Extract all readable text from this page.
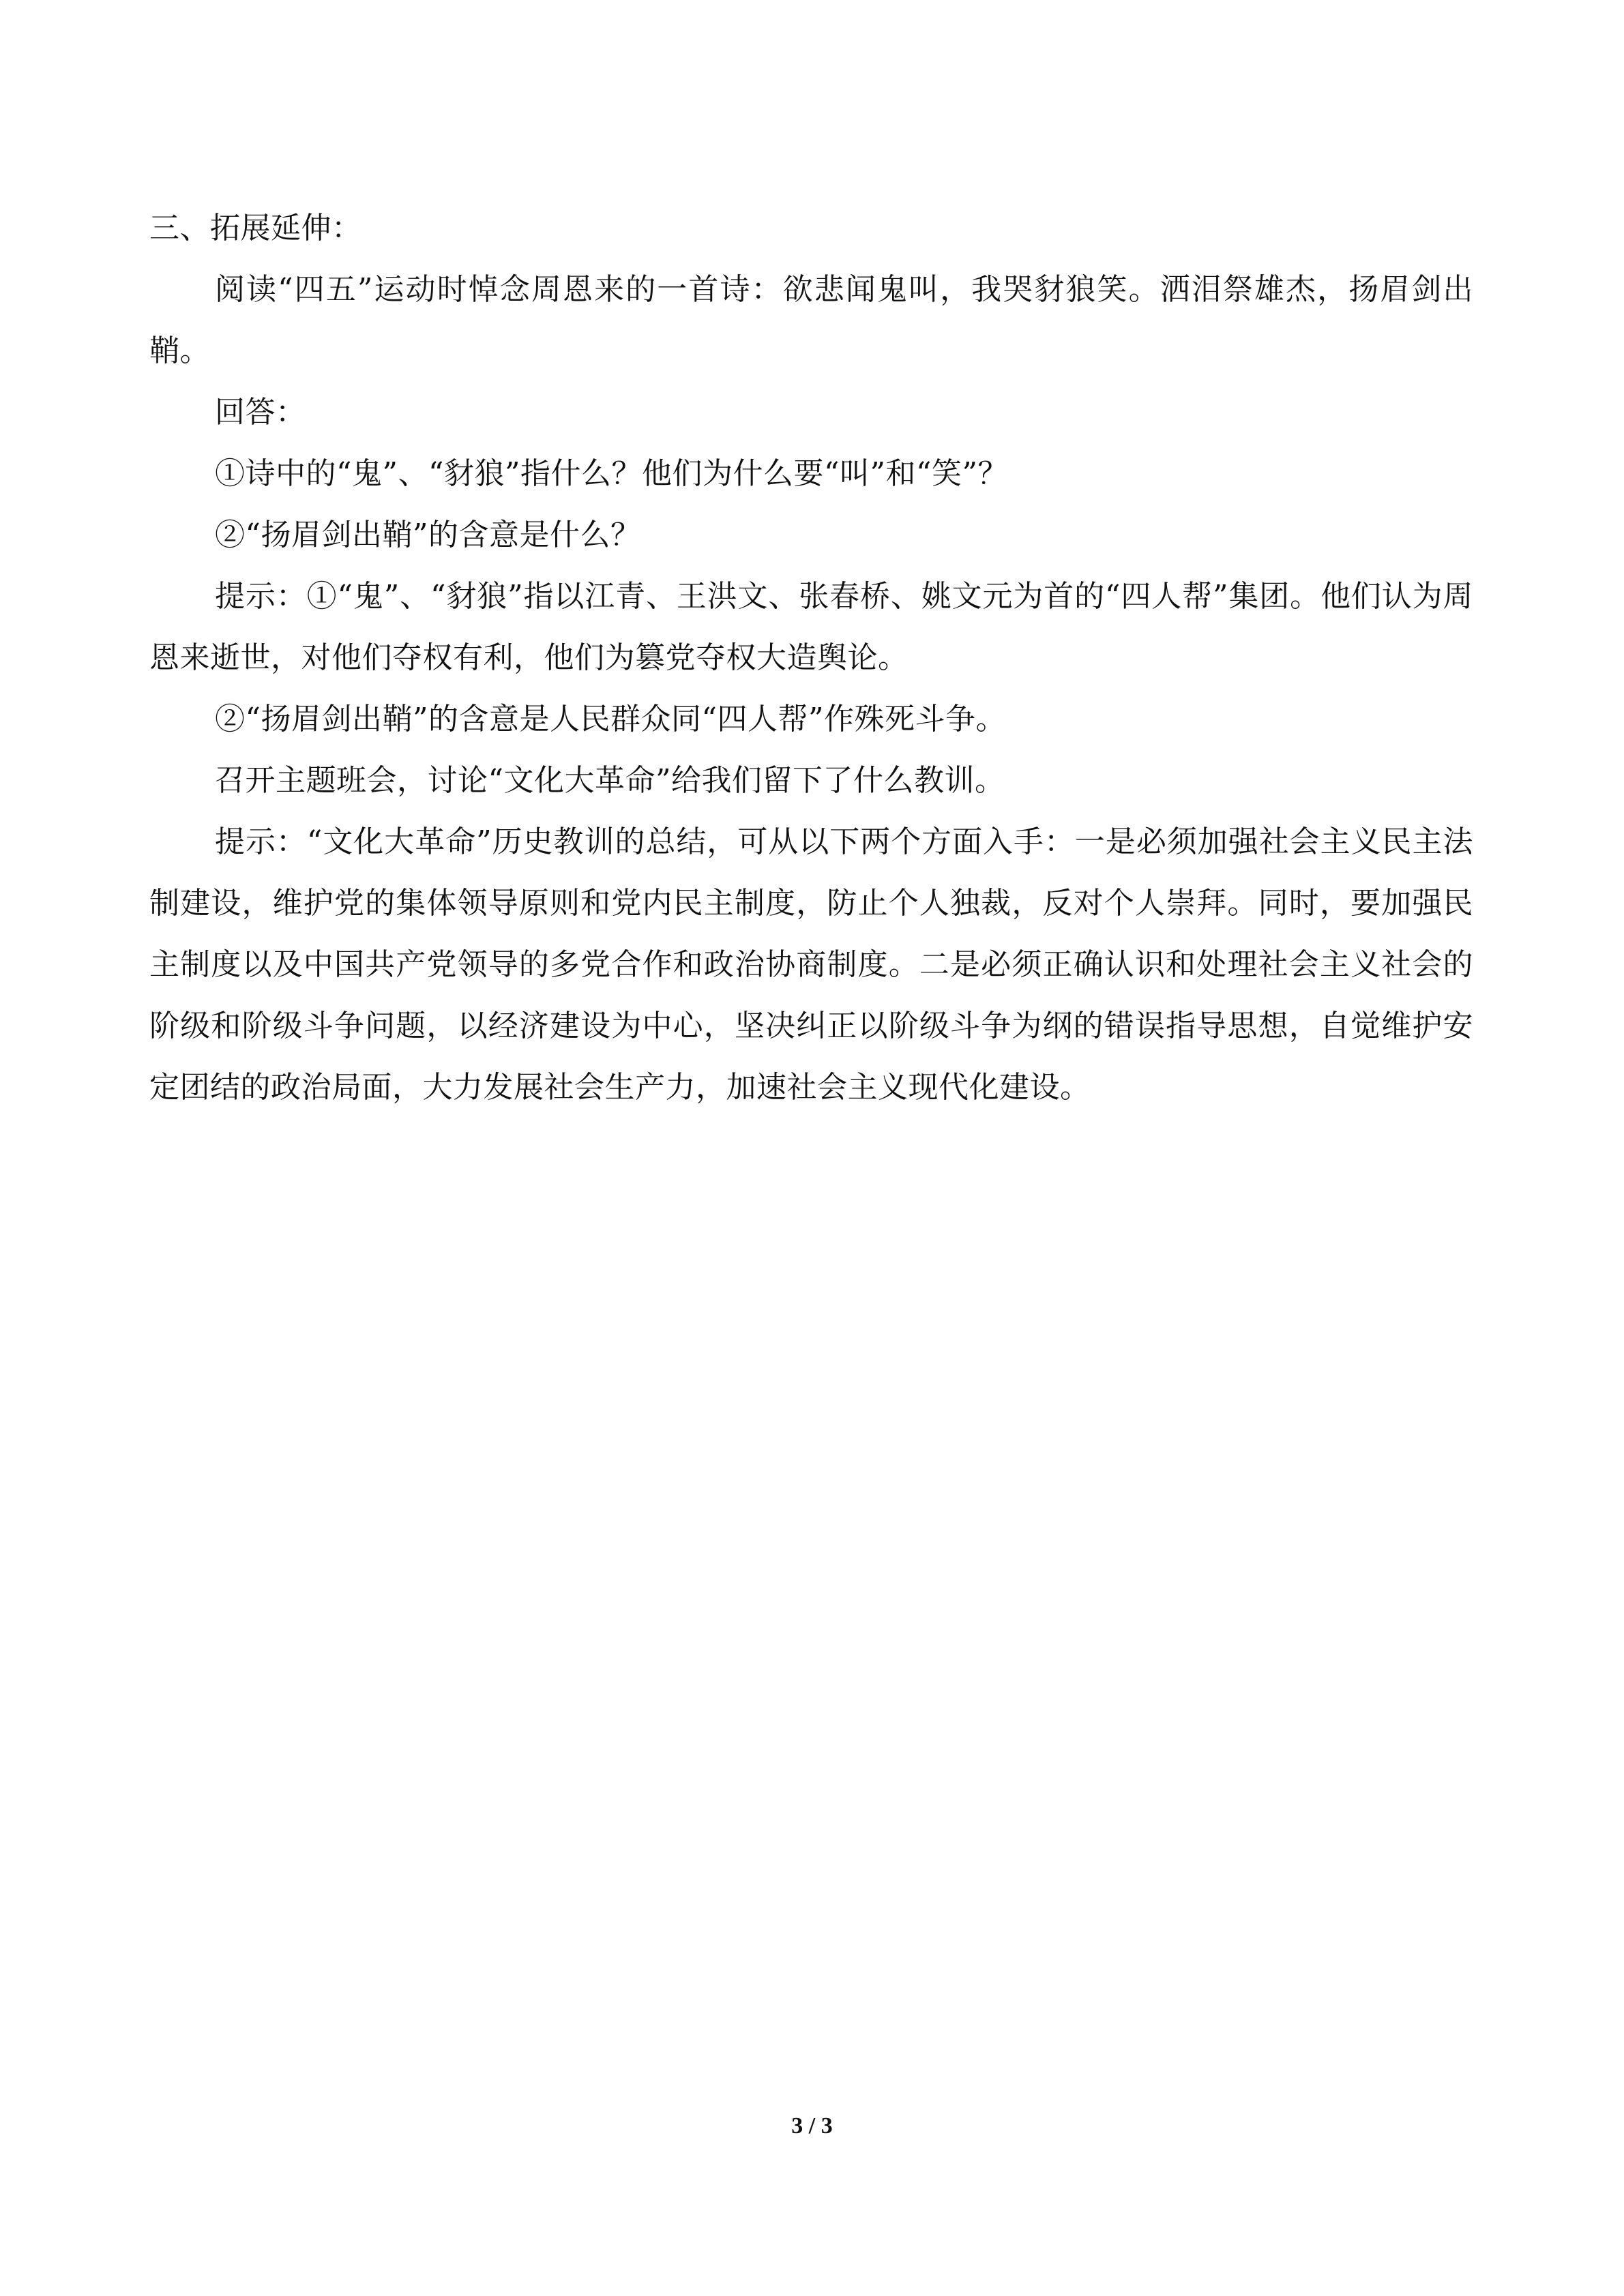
三、拓展延伸：

阅读“四五”运动时悼念周恩来的一首诗：欲悲闻鬼叫，我哭豺狼笑。洒泪祭雄杰，扬眉剑出鞘。

回答：

①诗中的“鬼”、“豺狼”指什么？他们为什么要“叫”和“笑”？

②“扬眉剑出鞘”的含意是什么？

提示：①“鬼”、“豺狼”指以江青、王洪文、张春桥、姚文元为首的“四人帮”集团。他们认为周恩来逝世，对他们夺权有利，他们为篡党夺权大造舆论。

②“扬眉剑出鞘”的含意是人民群众同“四人帮”作殊死斗争。

召开主题班会，讨论“文化大革命”给我们留下了什么教训。

提示：“文化大革命”历史教训的总结，可从以下两个方面入手：一是必须加强社会主义民主法制建设，维护党的集体领导原则和党内民主制度，防止个人独裁，反对个人崇拜。同时，要加强民主制度以及中国共产党领导的多党合作和政治协商制度。二是必须正确认识和处理社会主义社会的阶级和阶级斗争问题，以经济建设为中心，坚决纠正以阶级斗争为纲的错误指导思想，自觉维护安定团结的政治局面，大力发展社会生产力，加速社会主义现代化建设。

3 / 3
